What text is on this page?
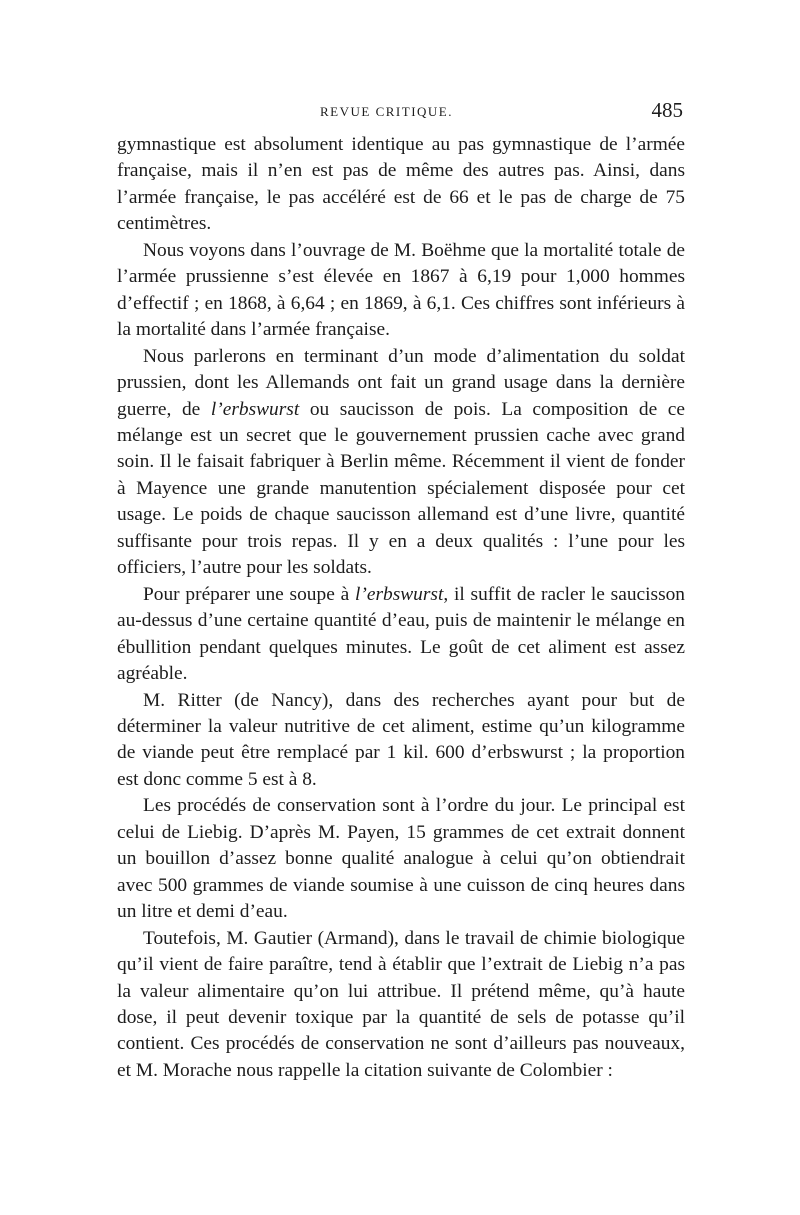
REVUE CRITIQUE.	485

gymnastique est absolument identique au pas gymnastique de l’armée française, mais il n’en est pas de même des autres pas. Ainsi, dans l’armée française, le pas accéléré est de 66 et le pas de charge de 75 centimètres.

Nous voyons dans l’ouvrage de M. Boëhme que la mortalité totale de l’armée prussienne s’est élevée en 1867 à 6,19 pour 1,000 hommes d’effectif ; en 1868, à 6,64 ; en 1869, à 6,1. Ces chiffres sont inférieurs à la mortalité dans l’armée française.

Nous parlerons en terminant d’un mode d’alimentation du soldat prussien, dont les Allemands ont fait un grand usage dans la dernière guerre, de l’erbswurst ou saucisson de pois. La composition de ce mélange est un secret que le gouvernement prussien cache avec grand soin. Il le faisait fabriquer à Berlin même. Récemment il vient de fonder à Mayence une grande manutention spécialement disposée pour cet usage. Le poids de chaque saucisson allemand est d’une livre, quantité suffisante pour trois repas. Il y en a deux qualités : l’une pour les officiers, l’autre pour les soldats.

Pour préparer une soupe à l’erbswurst, il suffit de racler le saucisson au-dessus d’une certaine quantité d’eau, puis de maintenir le mélange en ébullition pendant quelques minutes. Le goût de cet aliment est assez agréable.

M. Ritter (de Nancy), dans des recherches ayant pour but de déterminer la valeur nutritive de cet aliment, estime qu’un kilogramme de viande peut être remplacé par 1 kil. 600 d’erbswurst ; la proportion est donc comme 5 est à 8.

Les procédés de conservation sont à l’ordre du jour. Le principal est celui de Liebig. D’après M. Payen, 15 grammes de cet extrait donnent un bouillon d’assez bonne qualité analogue à celui qu’on obtiendrait avec 500 grammes de viande soumise à une cuisson de cinq heures dans un litre et demi d’eau.

Toutefois, M. Gautier (Armand), dans le travail de chimie biologique qu’il vient de faire paraître, tend à établir que l’extrait de Liebig n’a pas la valeur alimentaire qu’on lui attribue. Il prétend même, qu’à haute dose, il peut devenir toxique par la quantité de sels de potasse qu’il contient. Ces procédés de conservation ne sont d’ailleurs pas nouveaux, et M. Morache nous rappelle la citation suivante de Colombier :
